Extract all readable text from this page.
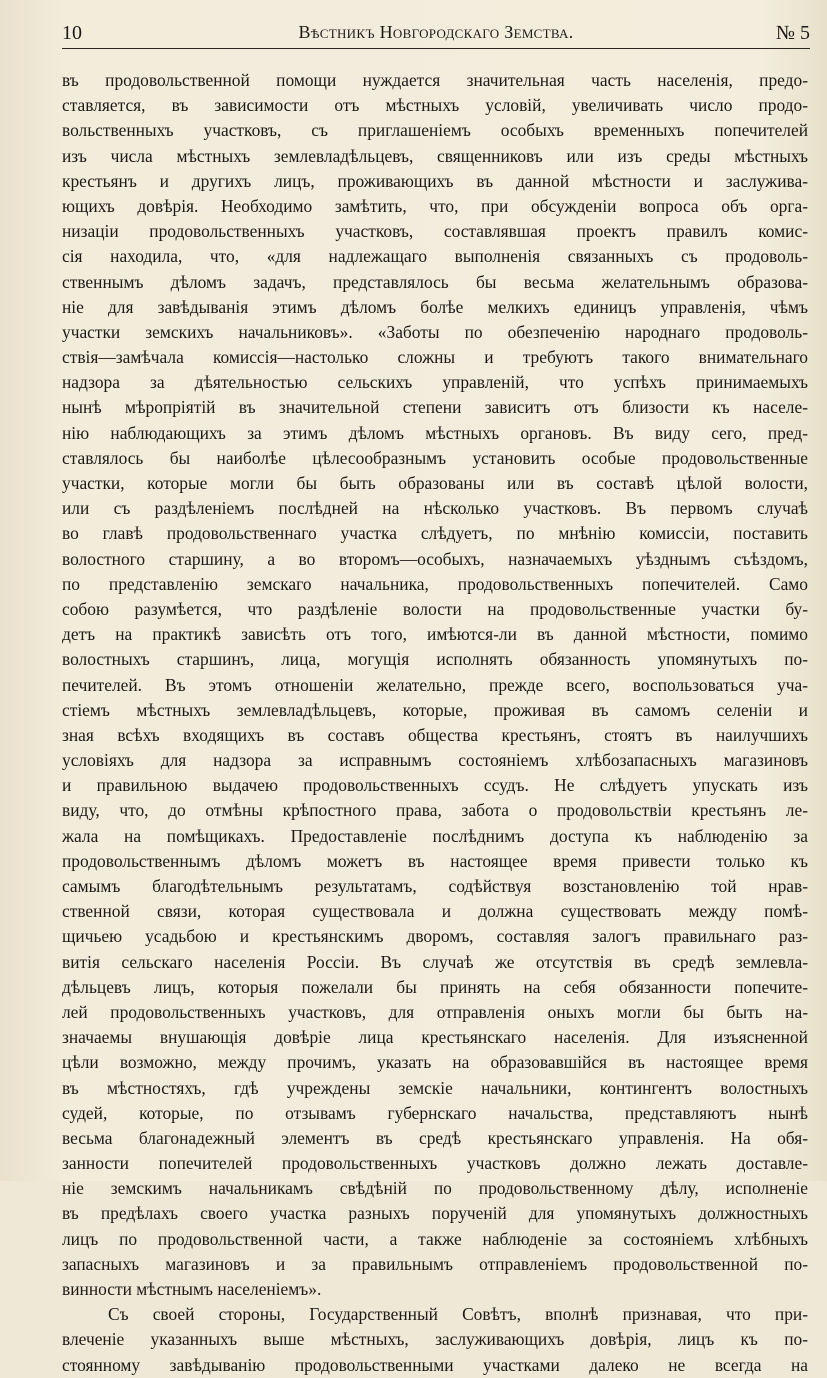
10	Вѣстникъ Новгородскаго Земства.	№ 5
въ продовольственной помощи нуждается значительная часть населенія, предо-
ставляется, въ зависимости отъ мѣстныхъ условій, увеличивать число продо-
вольственныхъ участковъ, съ приглашеніемъ особыхъ временныхъ попечителей
изъ числа мѣстныхъ землевладѣльцевъ, священниковъ или изъ среды мѣстныхъ
крестьянъ и другихъ лицъ, проживающихъ въ данной мѣстности и заслужива-
ющихъ довѣрія. Необходимо замѣтить, что, при обсужденіи вопроса объ орга-
низаціи продовольственныхъ участковъ, составлявшая проектъ правилъ комис-
сія находила, что, «для надлежащаго выполненія связанныхъ съ продоволь-
ственнымъ дѣломъ задачъ, представлялось бы весьма желательнымъ образова-
ніе для завѣдыванія этимъ дѣломъ болѣе мелкихъ единицъ управленія, чѣмъ
участки земскихъ начальниковъ». «Заботы по обезпеченію народнаго продоволь-
ствія—замѣчала комиссія—настолько сложны и требуютъ такого внимательнаго
надзора за дѣятельностью сельскихъ управленій, что успѣхъ принимаемыхъ
нынѣ мѣропріятій въ значительной степени зависитъ отъ близости къ населе-
нію наблюдающихъ за этимъ дѣломъ мѣстныхъ органовъ. Въ виду сего, пред-
ставлялось бы наиболѣе цѣлесообразнымъ установить особые продовольственные
участки, которые могли бы быть образованы или въ составѣ цѣлой волости,
или съ раздѣленіемъ послѣдней на нѣсколько участковъ. Въ первомъ случаѣ
во главѣ продовольственнаго участка слѣдуетъ, по мнѣнію комиссіи, поставить
волостного старшину, а во второмъ—особыхъ, назначаемыхъ уѣзднымъ съѣздомъ,
по представленію земскаго начальника, продовольственныхъ попечителей. Само
собою разумѣется, что раздѣленіе волости на продовольственные участки бу-
детъ на практикѣ зависѣть отъ того, имѣются-ли въ данной мѣстности, помимо
волостныхъ старшинъ, лица, могущія исполнять обязанность упомянутыхъ по-
печителей. Въ этомъ отношеніи желательно, прежде всего, воспользоваться уча-
стіемъ мѣстныхъ землевладѣльцевъ, которые, проживая въ самомъ селеніи и
зная всѣхъ входящихъ въ составъ общества крестьянъ, стоятъ въ наилучшихъ
условіяхъ для надзора за исправнымъ состояніемъ хлѣбозапасныхъ магазиновъ
и правильною выдачею продовольственныхъ ссудъ. Не слѣдуетъ упускать изъ
виду, что, до отмѣны крѣпостного права, забота о продовольствіи крестьянъ ле-
жала на помѣщикахъ. Предоставленіе послѣднимъ доступа къ наблюденію за
продовольственнымъ дѣломъ можетъ въ настоящее время привести только къ
самымъ благодѣтельнымъ результатамъ, содѣйствуя возстановленію той нрав-
ственной связи, которая существовала и должна существовать между помѣ-
щичьею усадьбою и крестьянскимъ дворомъ, составляя залогъ правильнаго раз-
витія сельскаго населенія Россіи. Въ случаѣ же отсутствія въ средѣ землевла-
дѣльцевъ лицъ, которыя пожелали бы принять на себя обязанности попечите-
лей продовольственныхъ участковъ, для отправленія оныхъ могли бы быть на-
значаемы внушающія довѣріе лица крестьянскаго населенія. Для изъясненной
цѣли возможно, между прочимъ, указать на образовавшійся въ настоящее время
въ мѣстностяхъ, гдѣ учреждены земскіе начальники, контингентъ волостныхъ
судей, которые, по отзывамъ губернскаго начальства, представляютъ нынѣ
весьма благонадежный элементъ въ средѣ крестьянскаго управленія. На обя-
занности попечителей продовольственныхъ участковъ должно лежать доставле-
ніе земскимъ начальникамъ свѣдѣній по продовольственному дѣлу, исполненіе
въ предѣлахъ своего участка разныхъ порученій для упомянутыхъ должностныхъ
лицъ по продовольственной части, а также наблюденіе за состояніемъ хлѣбныхъ
запасныхъ магазиновъ и за правильнымъ отправленіемъ продовольственной по-
винности мѣстнымъ населеніемъ».
Съ своей стороны, Государственный Совѣтъ, вполнѣ признавая, что при-
влеченіе указанныхъ выше мѣстныхъ, заслуживающихъ довѣрія, лицъ къ по-
стоянному завѣдыванію продовольственными участками далеко не всегда на
